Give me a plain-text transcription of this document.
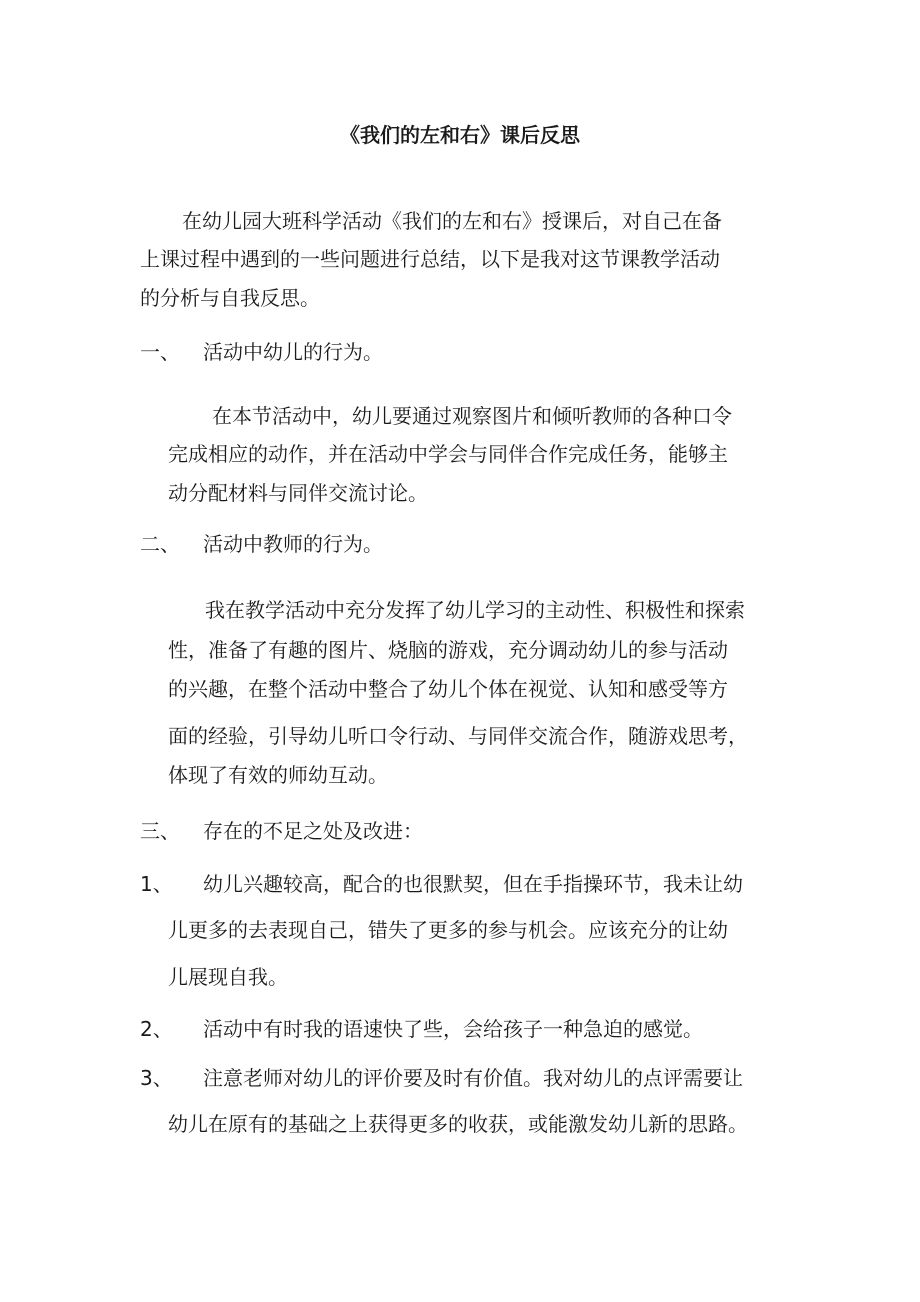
《我们的左和右》课后反思
在幼儿园大班科学活动《我们的左和右》授课后，对自己在备
上课过程中遇到的一些问题进行总结，以下是我对这节课教学活动
的分析与自我反思。
一、 活动中幼儿的行为。
在本节活动中，幼儿要通过观察图片和倾听教师的各种口令
完成相应的动作，并在活动中学会与同伴合作完成任务，能够主
动分配材料与同伴交流讨论。
二、 活动中教师的行为。
我在教学活动中充分发挥了幼儿学习的主动性、积极性和探索
性，准备了有趣的图片、烧脑的游戏，充分调动幼儿的参与活动
的兴趣，在整个活动中整合了幼儿个体在视觉、认知和感受等方
面的经验，引导幼儿听口令行动、与同伴交流合作，随游戏思考，
体现了有效的师幼互动。
三、 存在的不足之处及改进：
1、 幼儿兴趣较高，配合的也很默契，但在手指操环节，我未让幼
儿更多的去表现自己，错失了更多的参与机会。应该充分的让幼
儿展现自我。
2、 活动中有时我的语速快了些，会给孩子一种急迫的感觉。
3、 注意老师对幼儿的评价要及时有价值。我对幼儿的点评需要让
幼儿在原有的基础之上获得更多的收获，或能激发幼儿新的思路。
